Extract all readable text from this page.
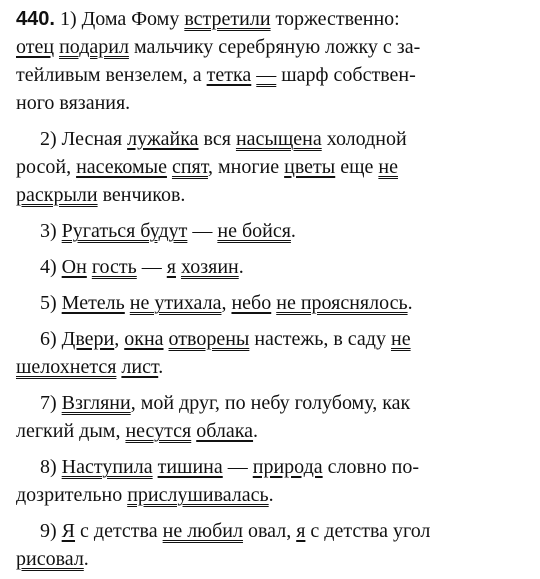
440. 1) Дома Фому встретили торжественно:
отец подарил мальчику серебряную ложку с за-
тейливым вензелем, а тетка — шарф собствен-
ного вязания.
2) Лесная лужайка вся насыщена холодной
росой, насекомые спят, многие цветы еще не
раскрыли венчиков.
3) Ругаться будут — не бойся.
4) Он гость — я хозяин.
5) Метель не утихала, небо не прояснялось.
6) Двери, окна отворены настежь, в саду не
шелохнется лист.
7) Взгляни, мой друг, по небу голубому, как
легкий дым, несутся облака.
8) Наступила тишина — природа словно по-
дозрительно прислушивалась.
9) Я с детства не любил овал, я с детства угол
рисовал.
